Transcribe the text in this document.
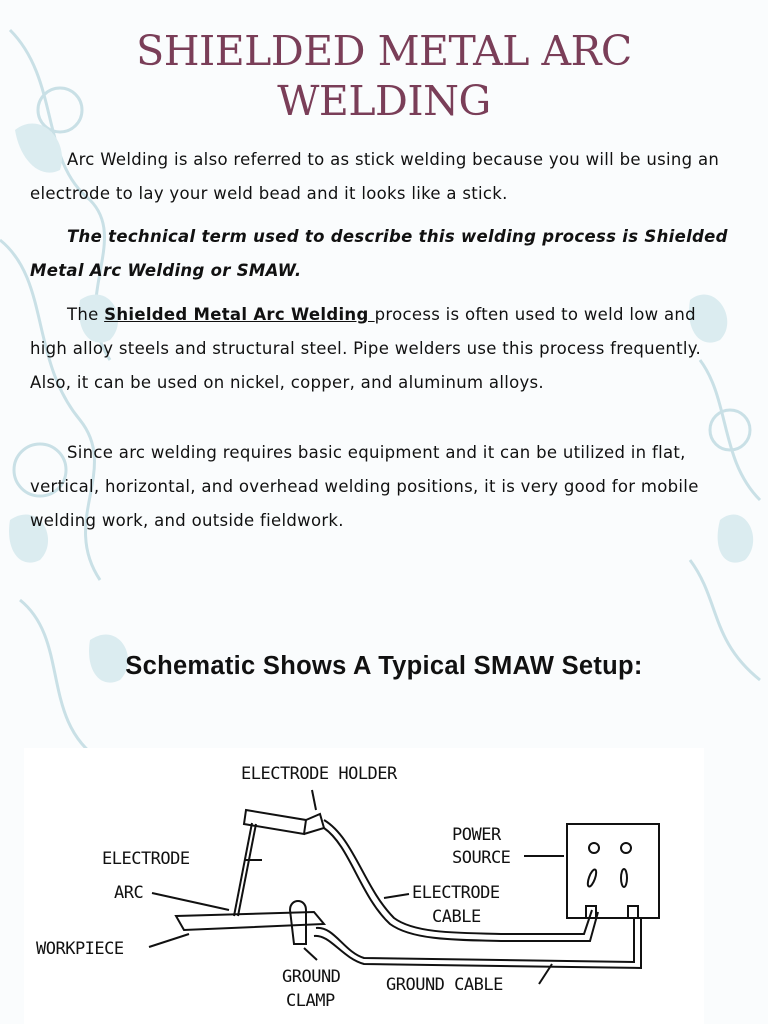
SHIELDED METAL ARC
WELDING
Arc Welding is also referred to as stick welding because you will be using an electrode to lay your weld bead and it looks like a stick.
The technical term used to describe this welding process is Shielded Metal Arc Welding or SMAW.
The Shielded Metal Arc Welding process is often used to weld low and high alloy steels and structural steel. Pipe welders use this process frequently. Also, it can be used on nickel, copper, and aluminum alloys.
Since arc welding requires basic equipment and it can be utilized in flat, vertical, horizontal, and overhead welding positions, it is very good for mobile welding work, and outside fieldwork.
Schematic Shows A Typical SMAW Setup:
ELECTRODE HOLDER
ELECTRODE
ARC
WORKPIECE
POWER
SOURCE
ELECTRODE
CABLE
GROUND
CLAMP
GROUND CABLE
